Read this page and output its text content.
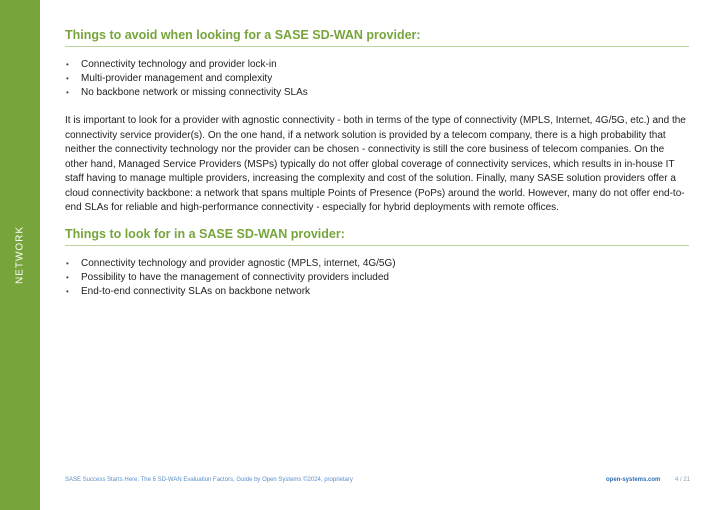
NETWORK
Things to avoid when looking for a SASE SD-WAN provider:
• Connectivity technology and provider lock-in
• Multi-provider management and complexity
• No backbone network or missing connectivity SLAs

It is important to look for a provider with agnostic connectivity - both in terms of the type of connectivity (MPLS, Internet, 4G/5G, etc.) and the connectivity service provider(s). On the one hand, if a network solution is provided by a telecom company, there is a high probability that neither the connectivity technology nor the provider can be chosen - connectivity is still the core business of telecom companies. On the other hand, Managed Service Providers (MSPs) typically do not offer global coverage of connectivity services, which results in in-house IT staff having to manage multiple providers, increasing the complexity and cost of the solution. Finally, many SASE solution providers offer a cloud connectivity backbone: a network that spans multiple Points of Presence (PoPs) around the world. However, many do not offer end-to-end SLAs for reliable and high-performance connectivity - especially for hybrid deployments with remote offices.

Things to look for in a SASE SD-WAN provider:
• Connectivity technology and provider agnostic (MPLS, internet, 4G/5G)
• Possibility to have the management of connectivity providers included
• End-to-end connectivity SLAs on backbone network
SASE Success Starts Here: The 6 SD-WAN Evaluation Factors, Guide by Open Systems ©2024, proprietary	open-systems.com 4 / 21
